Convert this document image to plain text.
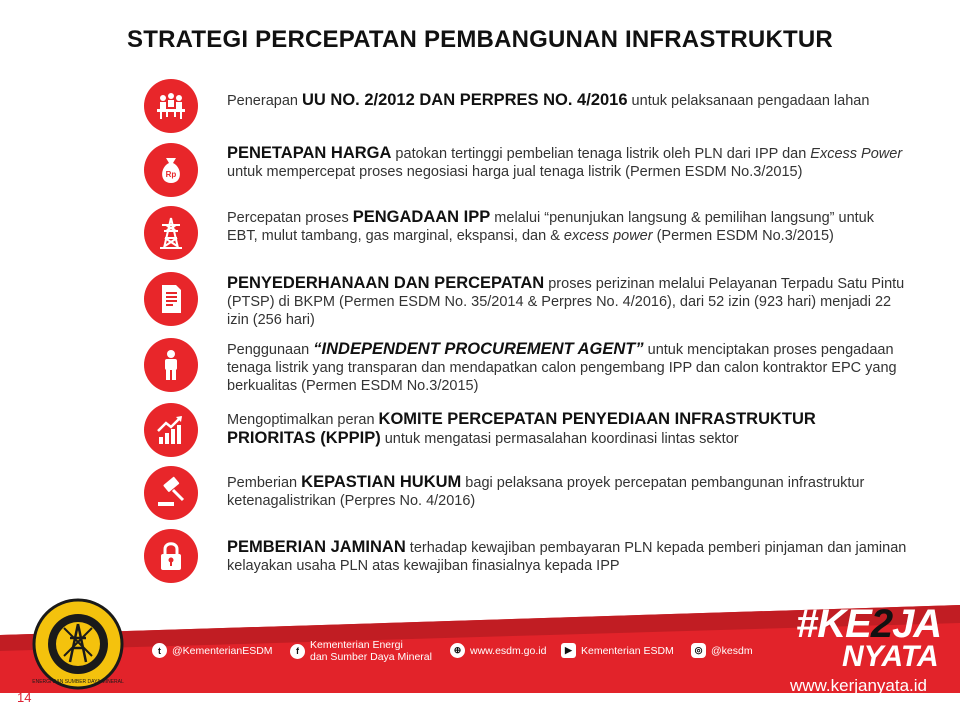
STRATEGI PERCEPATAN PEMBANGUNAN INFRASTRUKTUR
Penerapan UU NO. 2/2012 DAN PERPRES NO. 4/2016 untuk pelaksanaan pengadaan lahan
Rp
PENETAPAN HARGA patokan tertinggi pembelian tenaga listrik oleh PLN dari IPP dan Excess Power untuk mempercepat proses negosiasi harga jual tenaga listrik (Permen ESDM No.3/2015)
Percepatan proses PENGADAAN IPP melalui “penunjukan langsung & pemilihan langsung” untuk EBT, mulut tambang, gas marginal, ekspansi, dan & excess power (Permen ESDM No.3/2015)
PENYEDERHANAAN DAN PERCEPATAN proses perizinan melalui Pelayanan Terpadu Satu Pintu (PTSP) di BKPM (Permen ESDM No. 35/2014 & Perpres No. 4/2016), dari 52 izin (923 hari) menjadi 22 izin (256 hari)
Penggunaan “INDEPENDENT PROCUREMENT AGENT” untuk menciptakan proses pengadaan tenaga listrik yang transparan dan mendapatkan calon pengembang IPP dan calon kontraktor EPC yang berkualitas (Permen ESDM No.3/2015)
Mengoptimalkan peran KOMITE PERCEPATAN PENYEDIAAN INFRASTRUKTUR PRIORITAS (KPPIP) untuk mengatasi permasalahan koordinasi lintas sektor
Pemberian KEPASTIAN HUKUM bagi pelaksana proyek percepatan pembangunan infrastruktur ketenagalistrikan (Perpres No. 4/2016)
PEMBERIAN JAMINAN terhadap kewajiban pembayaran PLN kepada pemberi pinjaman dan jaminan kelayakan usaha PLN atas kewajiban finasialnya kepada IPP
ENERGI DAN SUMBER DAYA MINERAL
t	@KementerianESDM	f	Kementerian Energi
dan Sumber Daya Mineral
⊕ www.esdm.go.id	▶ Kementerian ESDM	◎ @kesdm
#KE2JA
NYATA
www.kerjanyata.id
14
